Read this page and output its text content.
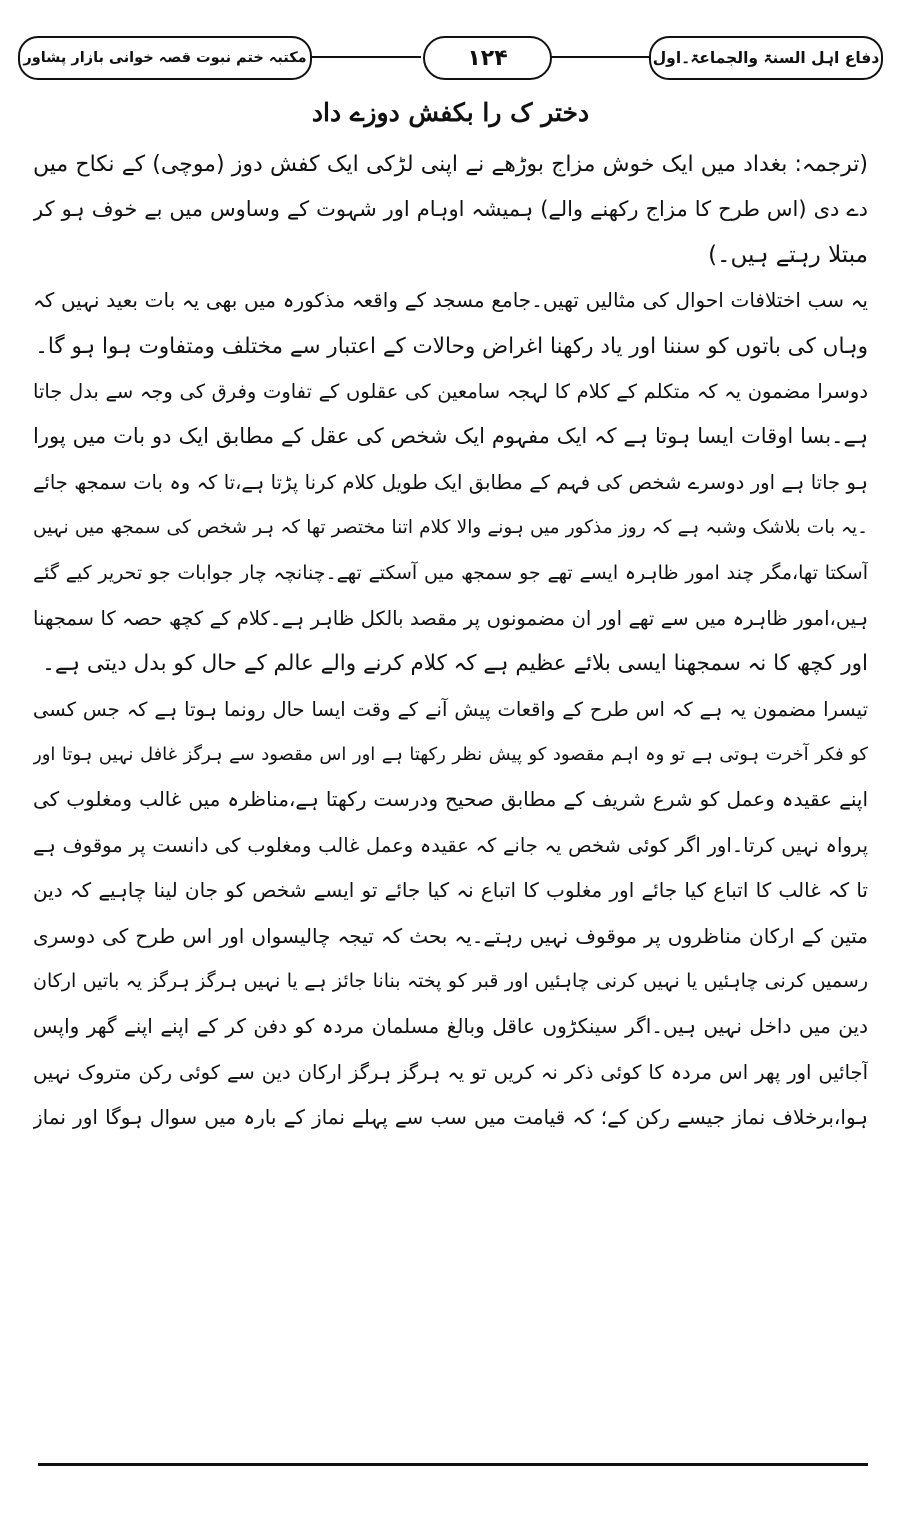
مکتبہ ختم نبوت قصہ خوانی بازار پشاور	۱۲۴	دفاع اہل السنۃ والجماعۃ۔اول
دختر ک را بکفش دوزے داد
(ترجمہ: بغداد میں ایک خوش مزاج بوڑھے نے اپنی لڑکی ایک کفش دوز (موچی) کے نکاح میں
دے دی (اس طرح کا مزاج رکھنے والے) ہمیشہ اوہام اور شہوت کے وساوس میں بے خوف ہو کر
مبتلا رہتے ہیں۔)
یہ سب اختلافات احوال کی مثالیں تھیں۔جامع مسجد کے واقعہ مذکورہ میں بھی یہ بات بعید نہیں کہ
وہاں کی باتوں کو سننا اور یاد رکھنا اغراض وحالات کے اعتبار سے مختلف ومتفاوت ہوا ہو گا۔
دوسرا مضمون یہ کہ متکلم کے کلام کا لہجہ سامعین کی عقلوں کے تفاوت وفرق کی وجہ سے بدل جاتا
ہے۔بسا اوقات ایسا ہوتا ہے کہ ایک مفہوم ایک شخص کی عقل کے مطابق ایک دو بات میں پورا
ہو جاتا ہے اور دوسرے شخص کی فہم کے مطابق ایک طویل کلام کرنا پڑتا ہے،تا کہ وہ بات سمجھ جائے
۔یہ بات بلاشک وشبہ ہے کہ روز مذکور میں ہونے والا کلام اتنا مختصر تھا کہ ہر شخص کی سمجھ میں نہیں
آسکتا تھا،مگر چند امور ظاہرہ ایسے تھے جو سمجھ میں آسکتے تھے۔چنانچہ چار جوابات جو تحریر کیے گئے
ہیں،امور ظاہرہ میں سے تھے اور ان مضمونوں پر مقصد بالکل ظاہر ہے۔کلام کے کچھ حصہ کا سمجھنا
اور کچھ کا نہ سمجھنا ایسی بلائے عظیم ہے کہ کلام کرنے والے عالم کے حال کو بدل دیتی ہے۔
تیسرا مضمون یہ ہے کہ اس طرح کے واقعات پیش آنے کے وقت ایسا حال رونما ہوتا ہے کہ جس کسی
کو فکر آخرت ہوتی ہے تو وہ اہم مقصود کو پیش نظر رکھتا ہے اور اس مقصود سے ہرگز غافل نہیں ہوتا اور
اپنے عقیدہ وعمل کو شرع شریف کے مطابق صحیح ودرست رکھتا ہے،مناظرہ میں غالب ومغلوب کی
پرواہ نہیں کرتا۔اور اگر کوئی شخص یہ جانے کہ عقیدہ وعمل غالب ومغلوب کی دانست پر موقوف ہے
تا کہ غالب کا اتباع کیا جائے اور مغلوب کا اتباع نہ کیا جائے تو ایسے شخص کو جان لینا چاہیے کہ دین
متین کے ارکان مناظروں پر موقوف نہیں رہتے۔یہ بحث کہ تیجہ چالیسواں اور اس طرح کی دوسری
رسمیں کرنی چاہئیں یا نہیں کرنی چاہئیں اور قبر کو پختہ بنانا جائز ہے یا نہیں ہرگز ہرگز یہ باتیں ارکان
دین میں داخل نہیں ہیں۔اگر سینکڑوں عاقل وبالغ مسلمان مردہ کو دفن کر کے اپنے اپنے گھر واپس
آجائیں اور پھر اس مردہ کا کوئی ذکر نہ کریں تو یہ ہرگز ہرگز ارکان دین سے کوئی رکن متروک نہیں
ہوا،برخلاف نماز جیسے رکن کے؛ کہ قیامت میں سب سے پہلے نماز کے بارہ میں سوال ہوگا اور نماز
